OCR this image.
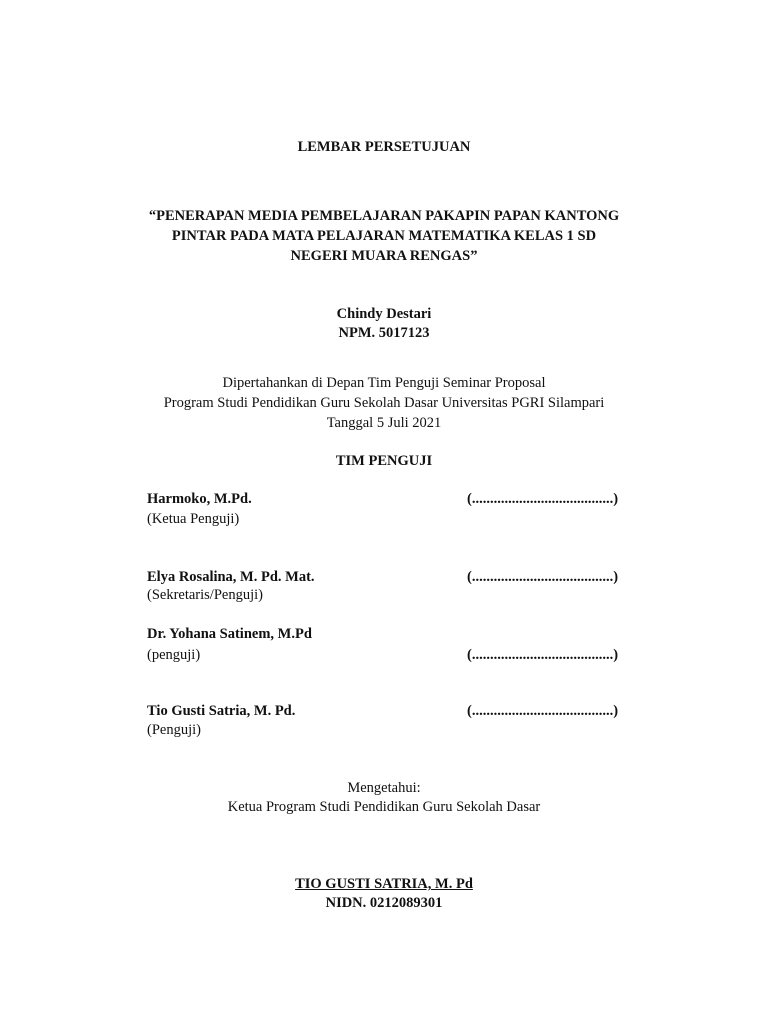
LEMBAR PERSETUJUAN
“PENERAPAN MEDIA PEMBELAJARAN PAKAPIN PAPAN KANTONG
PINTAR PADA MATA PELAJARAN MATEMATIKA KELAS 1 SD
NEGERI MUARA RENGAS”
Chindy Destari
NPM. 5017123
Dipertahankan di Depan Tim Penguji Seminar Proposal
Program Studi Pendidikan Guru Sekolah Dasar Universitas PGRI Silampari
Tanggal 5 Juli 2021
TIM PENGUJI
Harmoko, M.Pd.	(.......................................)
(Ketua Penguji)
Elya Rosalina, M. Pd. Mat.	(.......................................)
(Sekretaris/Penguji)
Dr. Yohana Satinem, M.Pd
(penguji)	(.......................................)
Tio Gusti Satria, M. Pd.	(.......................................)
(Penguji)
Mengetahui:
Ketua Program Studi Pendidikan Guru Sekolah Dasar
TIO GUSTI SATRIA, M. Pd
NIDN. 0212089301
